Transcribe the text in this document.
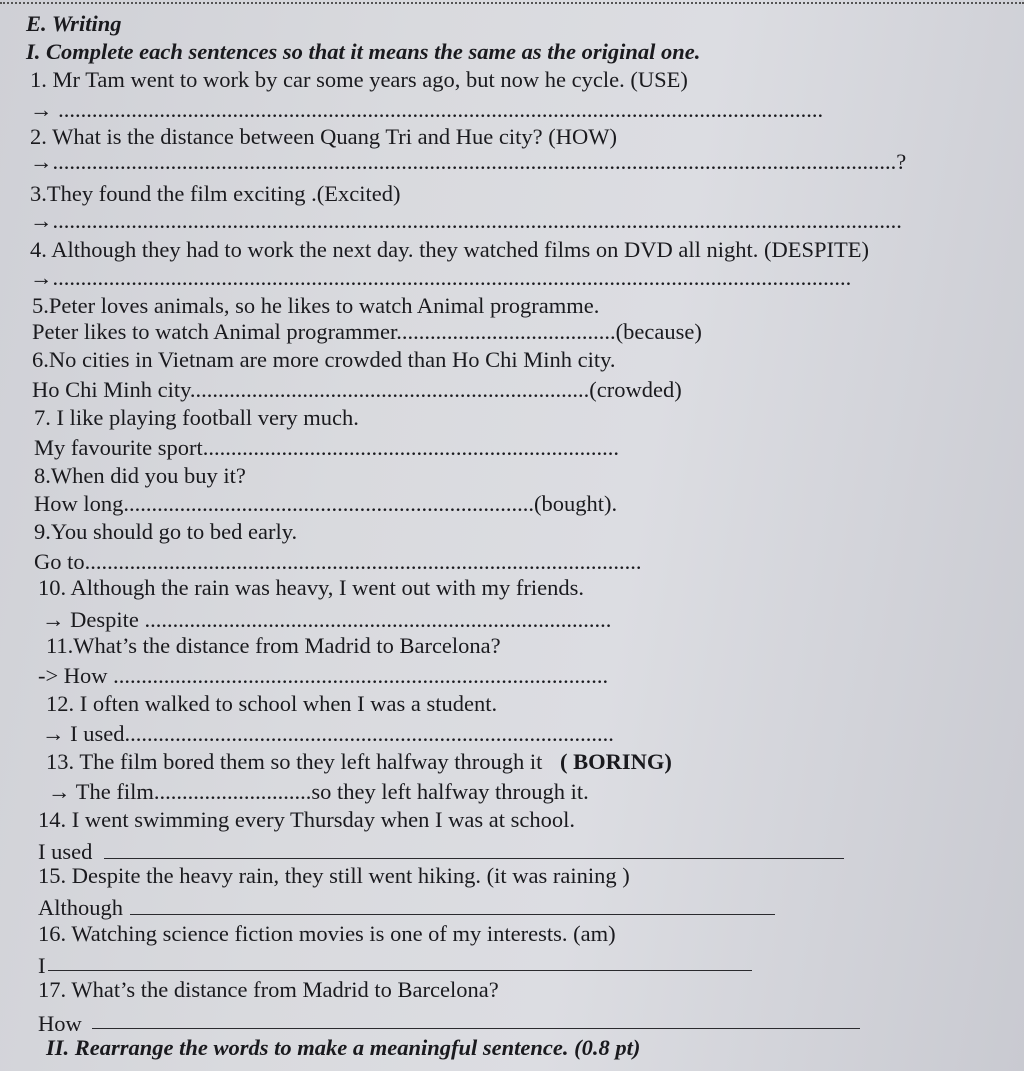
E. Writing
I. Complete each sentences so that it means the same as the original one.
1. Mr Tam went to work by car some years ago, but now he cycle. (USE)
→ ........................................................................................................................................
2. What is the distance between Quang Tri and Hue city? (HOW)
→......................................................................................................................................................?
3.They found the film exciting .(Excited)
→.......................................................................................................................................................
4. Although they had to work the next day. they watched films on DVD all night. (DESPITE)
→..............................................................................................................................................
5.Peter loves animals, so he likes to watch Animal programme.
Peter likes to watch Animal programmer.......................................(because)
6.No cities in Vietnam are more crowded than Ho Chi Minh city.
Ho Chi Minh city.......................................................................(crowded)
7. I like playing football very much.
My favourite sport..........................................................................
8.When did you buy it?
How long.........................................................................(bought).
9.You should go to bed early.
Go to...................................................................................................
10. Although the rain was heavy, I went out with my friends.
→ Despite ...................................................................................
11.What’s the distance from Madrid to Barcelona?
-> How ........................................................................................
12. I often walked to school when I was a student.
→ I used.......................................................................................
13. The film bored them so they left halfway through it ( BORING)
→ The film............................so they left halfway through it.
14. I went swimming every Thursday when I was at school.
I used
15. Despite the heavy rain, they still went hiking. (it was raining )
Although
16. Watching science fiction movies is one of my interests. (am)
I
17. What’s the distance from Madrid to Barcelona?
How
II. Rearrange the words to make a meaningful sentence. (0.8 pt)
